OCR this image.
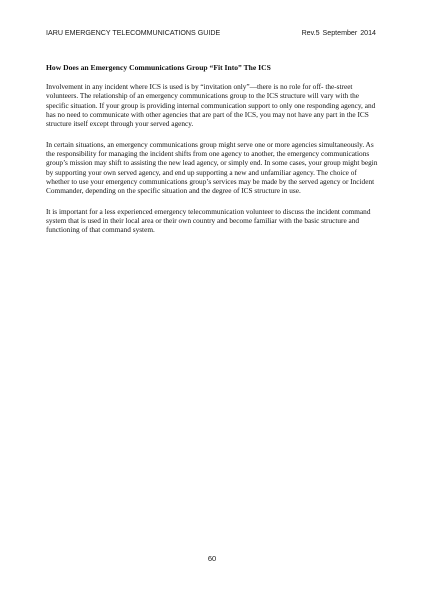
IARU EMERGENCY TELECOMMUNICATIONS GUIDE	Rev.5 September 2014
How Does an Emergency Communications Group “Fit Into” The ICS

Involvement in any incident where ICS is used is by “invitation only”—there is no role for off- the-street volunteers. The relationship of an emergency communications group to the ICS structure will vary with the specific situation. If your group is providing internal communication support to only one responding agency, and has no need to communicate with other agencies that are part of the ICS, you may not have any part in the ICS structure itself except through your served agency.

In certain situations, an emergency communications group might serve one or more agencies simultaneously. As the responsibility for managing the incident shifts from one agency to another, the emergency communications group’s mission may shift to assisting the new lead agency, or simply end. In some cases, your group might begin by supporting your own served agency, and end up supporting a new and unfamiliar agency. The choice of whether to use your emergency communications group’s services may be made by the served agency or Incident Commander, depending on the specific situation and the degree of ICS structure in use.

It is important for a less experienced emergency telecommunication volunteer to discuss the incident command system that is used in their local area or their own country and become familiar with the basic structure and functioning of that command system.

60
